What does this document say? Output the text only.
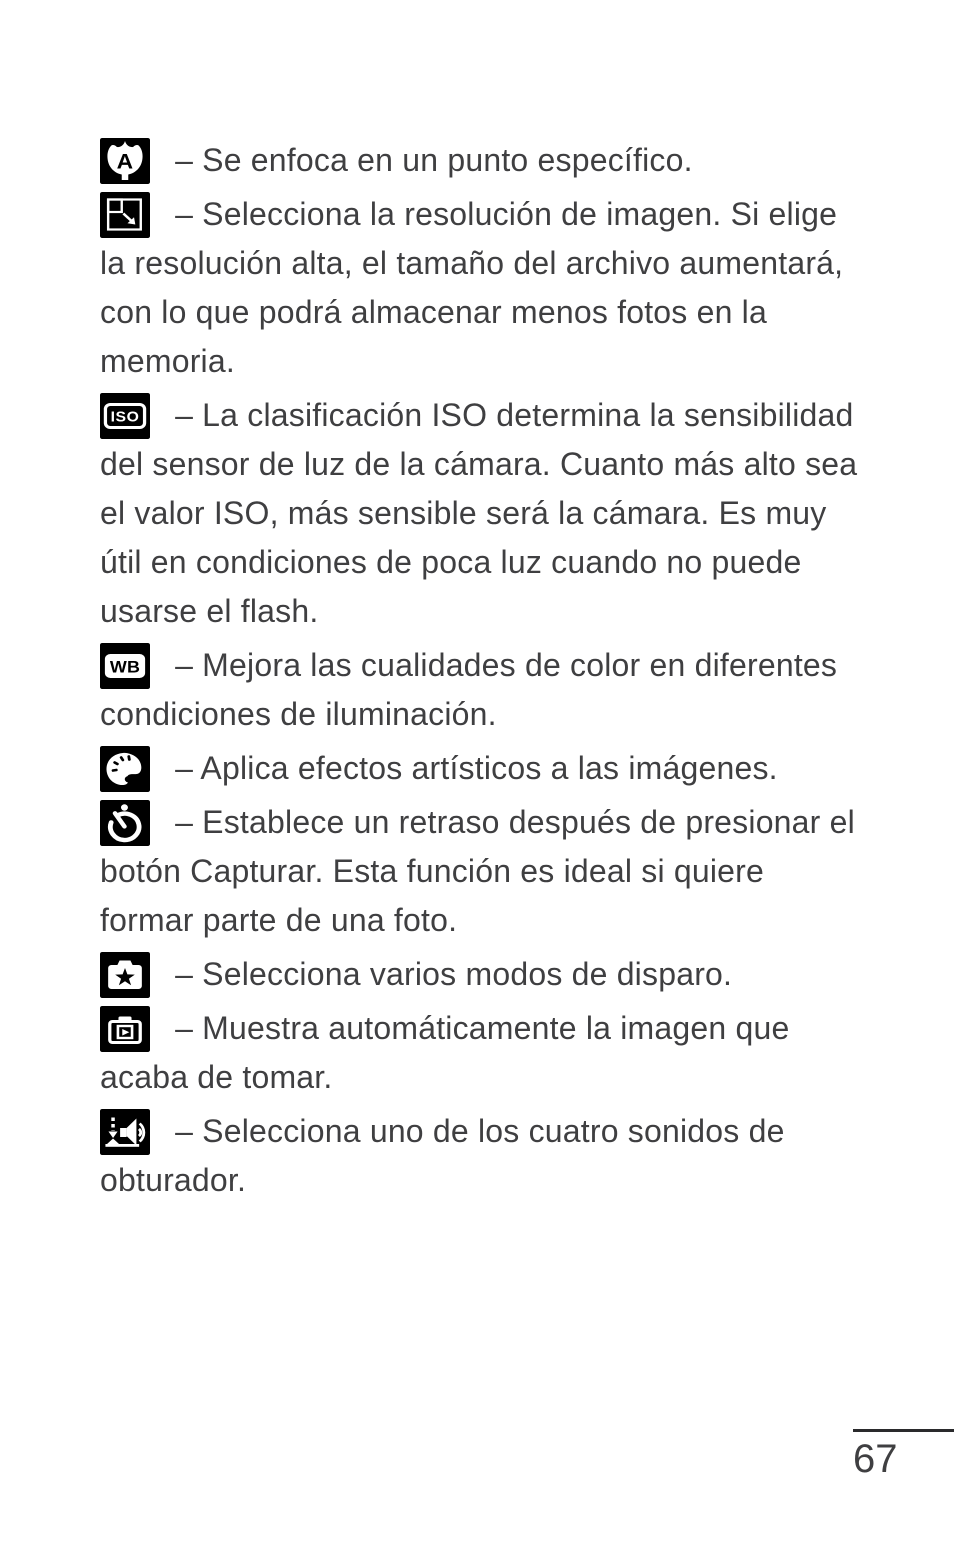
A – Se enfoca en un punto específico.

– Selecciona la resolución de imagen. Si elige la resolución alta, el tamaño del archivo aumentará, con lo que podrá almacenar menos fotos en la memoria.

ISO – La clasificación ISO determina la sensibilidad del sensor de luz de la cámara. Cuanto más alto sea el valor ISO, más sensible será la cámara. Es muy útil en condiciones de poca luz cuando no puede usarse el flash.

WB – Mejora las cualidades de color en diferentes condiciones de iluminación.

– Aplica efectos artísticos a las imágenes.

– Establece un retraso después de presionar el botón Capturar. Esta función es ideal si quiere formar parte de una foto.

– Selecciona varios modos de disparo.

– Muestra automáticamente la imagen que acaba de tomar.

– Selecciona uno de los cuatro sonidos de obturador.

67
